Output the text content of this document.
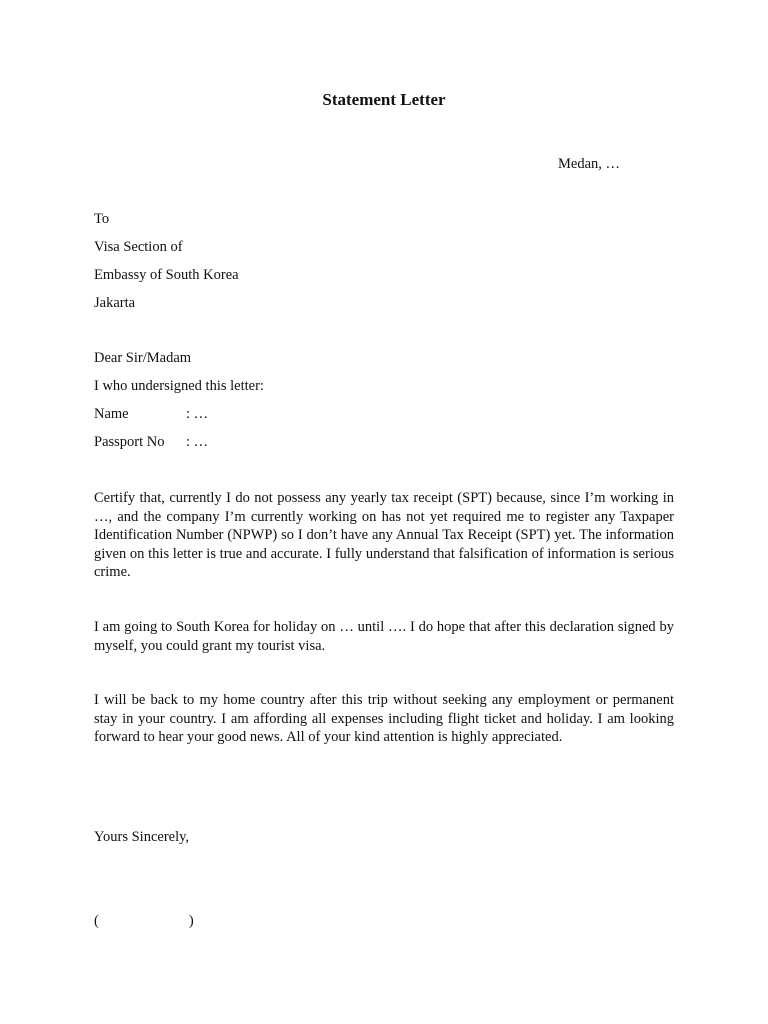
Statement Letter
Medan, …
To
Visa Section of
Embassy of South Korea
Jakarta
Dear Sir/Madam
I who undersigned this letter:
Name	: …
Passport No : …
Certify that, currently I do not possess any yearly tax receipt (SPT) because, since I’m working in …, and the company I’m currently working on has not yet required me to register any Taxpaper Identification Number (NPWP) so I don’t have any Annual Tax Receipt (SPT) yet. The information given on this letter is true and accurate. I fully understand that falsification of information is serious crime.
I am going to South Korea for holiday on … until …. I do hope that after this declaration signed by myself, you could grant my tourist visa.
I will be back to my home country after this trip without seeking any employment or permanent stay in your country. I am affording all expenses including flight ticket and holiday. I am looking forward to hear your good news. All of your kind attention is highly appreciated.
Yours Sincerely,
(	)
